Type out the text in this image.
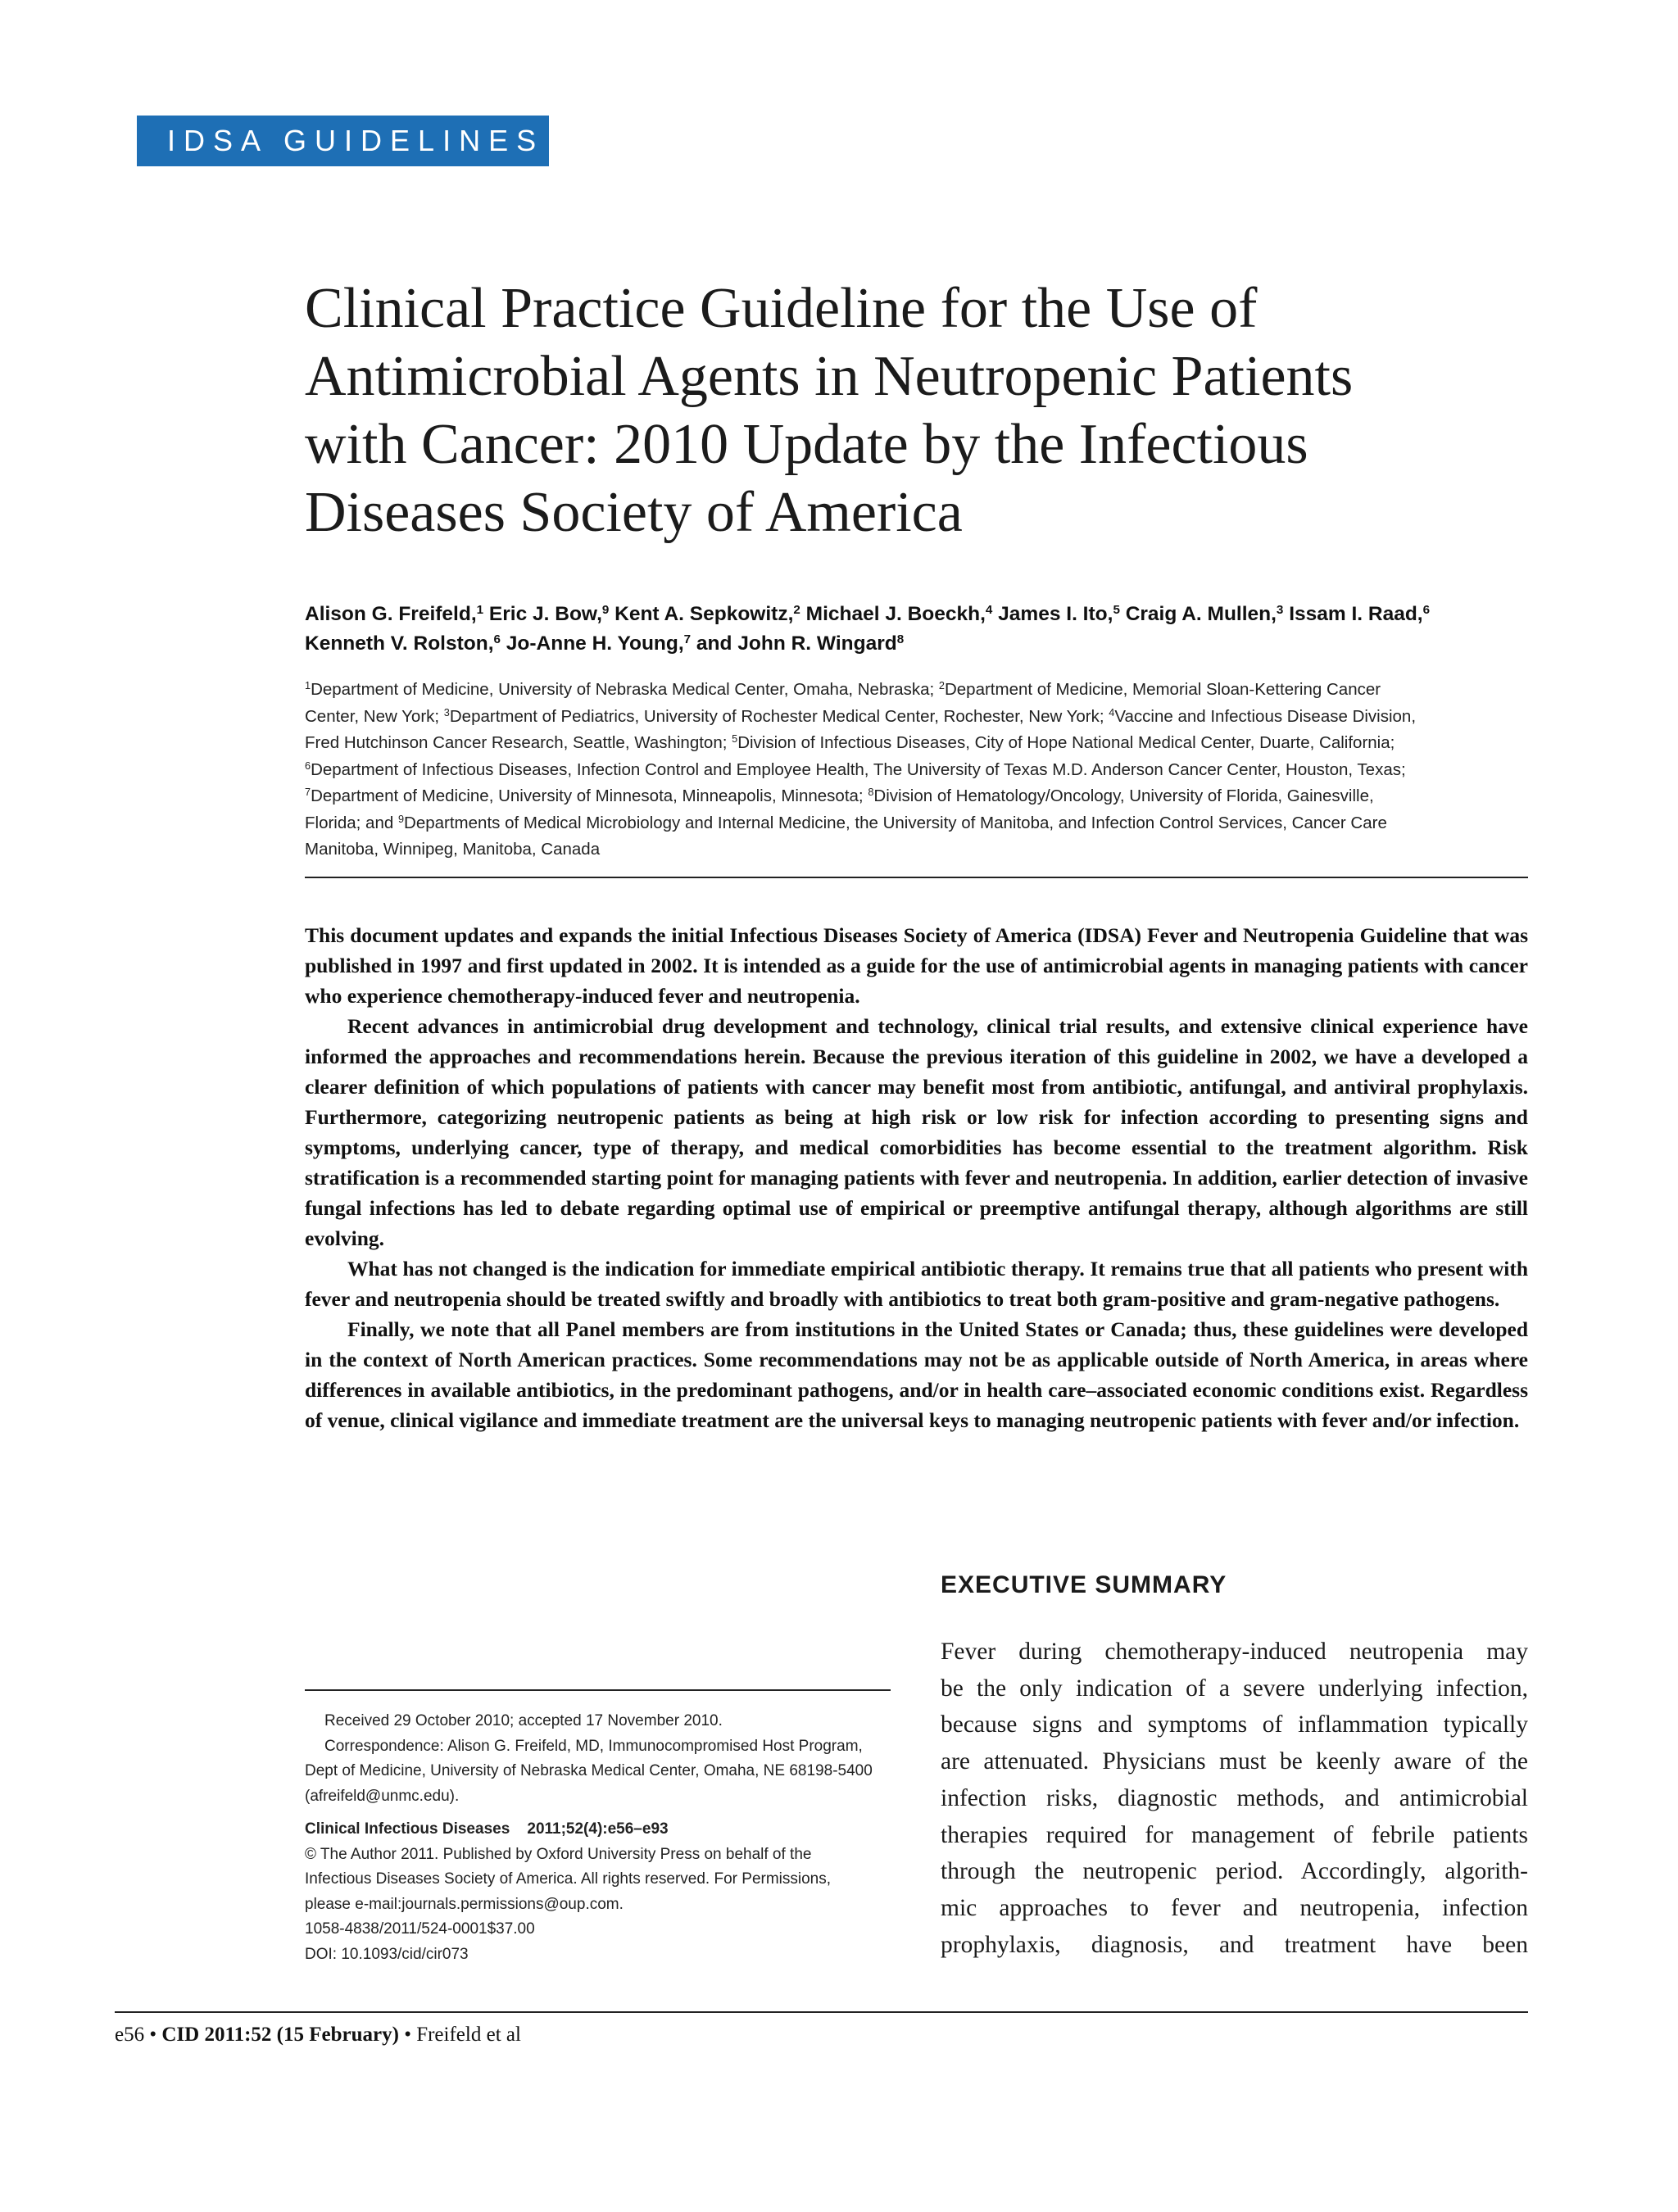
IDSA GUIDELINES
Clinical Practice Guideline for the Use of
Antimicrobial Agents in Neutropenic Patients
with Cancer: 2010 Update by the Infectious
Diseases Society of America
Alison G. Freifeld,$^1$ Eric J. Bow,$^9$ Kent A. Sepkowitz,$^2$ Michael J. Boeckh,$^4$ James I. Ito,$^5$ Craig A. Mullen,$^3$ Issam I. Raad,$^6$
Kenneth V. Rolston,$^6$ Jo-Anne H. Young,$^7$ and John R. Wingard$^8$
$^1$Department of Medicine, University of Nebraska Medical Center, Omaha, Nebraska; $^2$Department of Medicine, Memorial Sloan-Kettering Cancer
Center, New York; $^3$Department of Pediatrics, University of Rochester Medical Center, Rochester, New York; $^4$Vaccine and Infectious Disease Division,
Fred Hutchinson Cancer Research, Seattle, Washington; $^5$Division of Infectious Diseases, City of Hope National Medical Center, Duarte, California;
$^6$Department of Infectious Diseases, Infection Control and Employee Health, The University of Texas M.D. Anderson Cancer Center, Houston, Texas;
$^7$Department of Medicine, University of Minnesota, Minneapolis, Minnesota; $^8$Division of Hematology/Oncology, University of Florida, Gainesville,
Florida; and $^9$Departments of Medical Microbiology and Internal Medicine, the University of Manitoba, and Infection Control Services, Cancer Care
Manitoba, Winnipeg, Manitoba, Canada

This document updates and expands the initial Infectious Diseases Society of America (IDSA) Fever and Neutropenia Guideline that was published in 1997 and first updated in 2002. It is intended as a guide for the use of antimicrobial agents in managing patients with cancer who experience chemotherapy-induced fever and neutropenia.

Recent advances in antimicrobial drug development and technology, clinical trial results, and extensive clinical experience have informed the approaches and recommendations herein. Because the previous iteration of this guideline in 2002, we have a developed a clearer definition of which populations of patients with cancer may benefit most from antibiotic, antifungal, and antiviral prophylaxis. Furthermore, categorizing neutropenic patients as being at high risk or low risk for infection according to presenting signs and symptoms, underlying cancer, type of therapy, and medical comorbidities has become essential to the treatment algorithm. Risk stratification is a recommended starting point for managing patients with fever and neutropenia. In addition, earlier detection of invasive fungal infections has led to debate regarding optimal use of empirical or preemptive antifungal therapy, although algorithms are still evolving.

What has not changed is the indication for immediate empirical antibiotic therapy. It remains true that all patients who present with fever and neutropenia should be treated swiftly and broadly with antibiotics to treat both gram-positive and gram-negative pathogens.

Finally, we note that all Panel members are from institutions in the United States or Canada; thus, these guidelines were developed in the context of North American practices. Some recommendations may not be as applicable outside of North America, in areas where differences in available antibiotics, in the predominant pathogens, and/or in health care–associated economic conditions exist. Regardless of venue, clinical vigilance and immediate treatment are the universal keys to managing neutropenic patients with fever and/or infection.

EXECUTIVE SUMMARY
Fever during chemotherapy-induced neutropenia may
be the only indication of a severe underlying infection,
because signs and symptoms of inflammation typically
are attenuated. Physicians must be keenly aware of the
infection risks, diagnostic methods, and antimicrobial
therapies required for management of febrile patients
through the neutropenic period. Accordingly, algorith-
mic approaches to fever and neutropenia, infection
prophylaxis, diagnosis, and treatment have been
Received 29 October 2010; accepted 17 November 2010.
Correspondence: Alison G. Freifeld, MD, Immunocompromised Host Program,
Dept of Medicine, University of Nebraska Medical Center, Omaha, NE 68198-5400
(afreifeld@unmc.edu).
Clinical Infectious Diseases    2011;52(4):e56–e93
© The Author 2011. Published by Oxford University Press on behalf of the
Infectious Diseases Society of America. All rights reserved. For Permissions,
please e-mail:journals.permissions@oup.com.
1058-4838/2011/524-0001$37.00
DOI: 10.1093/cid/cir073
e56 • CID 2011:52 (15 February) • Freifeld et al
